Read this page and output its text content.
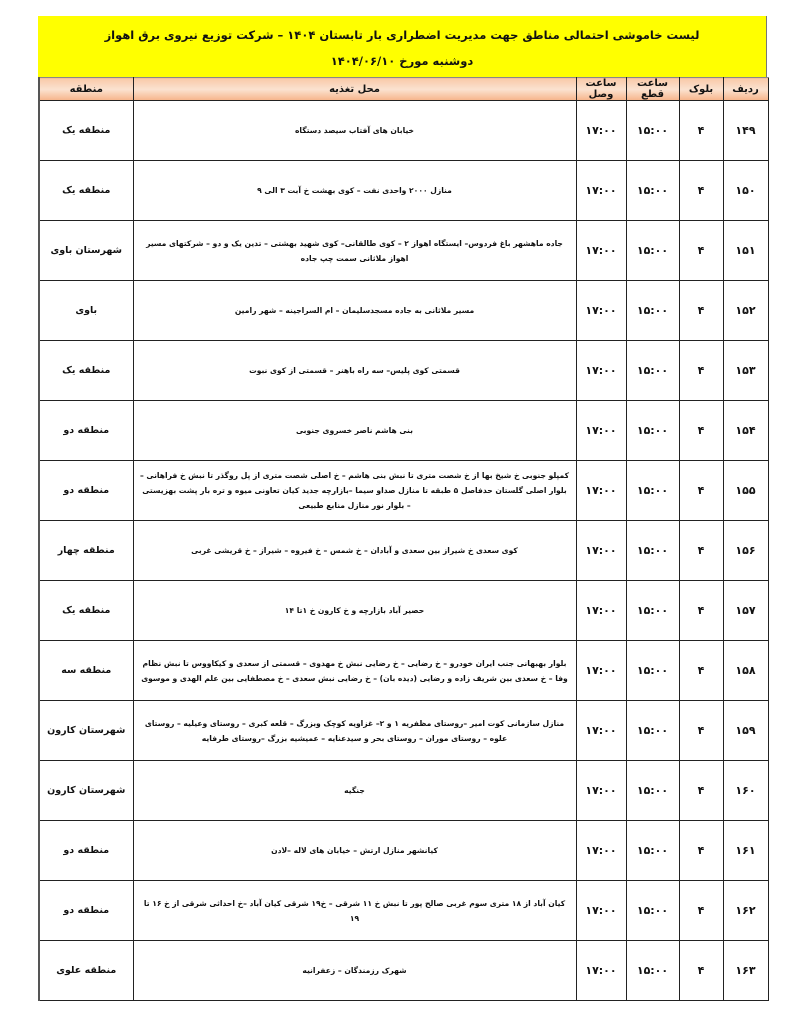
لیست خاموشی احتمالی مناطق جهت مدیریت اضطراری بار تابستان ۱۴۰۴ – شرکت توزیع نیروی برق اهواز
دوشنبه مورخ ۱۴۰۴/۰۶/۱۰
ردیف	بلوک	ساعت قطع	ساعت وصل	محل تغذیه	منطقه
۱۴۹	۴	۱۵:۰۰	۱۷:۰۰	خیابان های آفتاب سیصد دستگاه	منطقه یک
۱۵۰	۴	۱۵:۰۰	۱۷:۰۰	منازل ۲۰۰۰ واحدی نفت – کوی بهشت خ آبت ۳ الی ۹	منطقه یک
۱۵۱	۴	۱۵:۰۰	۱۷:۰۰	جاده ماهشهر باغ فردوس– ایستگاه اهواز ۲ – کوی طالقانی– کوی شهید بهشتی – تدین یک و دو – شرکتهای مسیر اهواز ملاثانی سمت چپ جاده	شهرستان باوی
۱۵۲	۴	۱۵:۰۰	۱۷:۰۰	مسیر ملاثانی به جاده مسجدسلیمان – ام السراجینه – شهر رامین	باوی
۱۵۳	۴	۱۵:۰۰	۱۷:۰۰	قسمتی کوی پلیس– سه راه باهنر – قسمتی از کوی نبوت	منطقه یک
۱۵۴	۴	۱۵:۰۰	۱۷:۰۰	بنی هاشم ناصر خسروی جنوبی	منطقه دو
۱۵۵	۴	۱۵:۰۰	۱۷:۰۰	کمپلو جنوبی خ شیخ بها از خ شصت متری تا نبش بنی هاشم – خ اصلی شصت متری از پل روگذر تا نبش خ فراهانی – بلوار اصلی گلستان حدفاصل ۵ طبقه تا منازل صداو سیما –بازارچه جدید کیان تعاونی میوه و تره بار پشت بهزیستی – بلوار نور منازل منابع طبیعی	منطقه دو
۱۵۶	۴	۱۵:۰۰	۱۷:۰۰	کوی سعدی خ شیراز بین سعدی و آبادان – خ شمس – خ فیروه – شیراز – خ قریشی غربی	منطقه چهار
۱۵۷	۴	۱۵:۰۰	۱۷:۰۰	حصیر آباد بازارچه و خ کارون خ ۱تا ۱۴	منطقه یک
۱۵۸	۴	۱۵:۰۰	۱۷:۰۰	بلوار بهبهانی جنب ایران خودرو – خ رضایی – خ رضایی نبش خ مهدوی – قسمتی از سعدی و کیکاووس تا نبش نظام وفا – خ سعدی بین شریف زاده و رضایی (دیده بان) – خ رضایی نبش سعدی – خ مصطفایی بین علم الهدی و موسوی	منطقه سه
۱۵۹	۴	۱۵:۰۰	۱۷:۰۰	منازل سازمانی کوت امیر –روستای مظفریه ۱ و ۲– غزاویه کوچک وبزرگ – قلعه کبری – روستای وعیلیه – روستای علوه – روستای موران – روستای بحر و سیدعنایه – عمیشیه بزرگ –روستای طرفایه	شهرستان کارون
۱۶۰	۴	۱۵:۰۰	۱۷:۰۰	جنگیه	شهرستان کارون
۱۶۱	۴	۱۵:۰۰	۱۷:۰۰	کیانشهر منازل ارتش – خیابان های لاله –لادن	منطقه دو
۱۶۲	۴	۱۵:۰۰	۱۷:۰۰	کیان آباد از ۱۸ متری سوم غربی صالح پور تا نبش خ ۱۱ شرقی – خ۱۹ شرقی کیان آباد –خ احداثی شرقی از خ ۱۶ تا ۱۹	منطقه دو
۱۶۳	۴	۱۵:۰۰	۱۷:۰۰	شهرک رزمندگان – زعفرانیه	منطقه علوی
